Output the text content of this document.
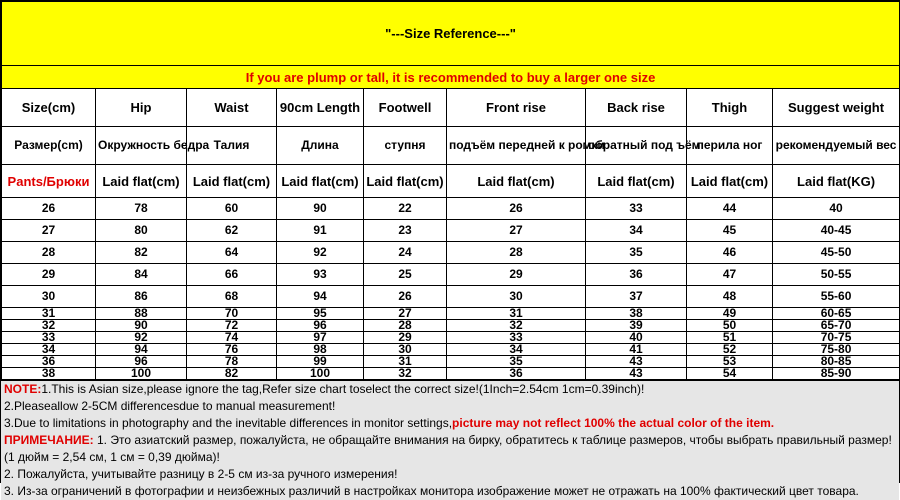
"---Size Reference---"								
If you are plump or tall, it is recommended to buy a larger one size								
Size(cm)	Hip	Waist	90cm Length	Footwell	Front rise	Back rise	Thigh	Suggest weight
Размер(cm)	Окружность бедра	Талия	Длина	ступня	подъём передней к ромки	обратный под ъём	перила ног	рекомендуемый вес
Pants/Брюки	Laid flat(cm)	Laid flat(cm)	Laid flat(cm)	Laid flat(cm)	Laid flat(cm)	Laid flat(cm)	Laid flat(cm)	Laid flat(KG)
26	78	60	90	22	26	33	44	40
27	80	62	91	23	27	34	45	40-45
28	82	64	92	24	28	35	46	45-50
29	84	66	93	25	29	36	47	50-55
30	86	68	94	26	30	37	48	55-60
31	88	70	95	27	31	38	49	60-65
32	90	72	96	28	32	39	50	65-70
33	92	74	97	29	33	40	51	70-75
34	94	76	98	30	34	41	52	75-80
36	96	78	99	31	35	43	53	80-85
38	100	82	100	32	36	43	54	85-90

NOTE:1.This is Asian size,please ignore the tag,Refer size chart toselect the correct size!(1Inch=2.54cm 1cm=0.39inch)!

2.Pleaseallow 2-5CM differencesdue to manual measurement!

3.Due to limitations in photography and the inevitable differences in monitor settings,picture may not reflect 100% the actual color of the item.

ПРИМЕЧАНИЕ: 1. Это азиатский размер, пожалуйста, не обращайте внимания на бирку, обратитесь к таблице размеров, чтобы выбрать правильный размер! (1 дюйм = 2,54 см, 1 см = 0,39 дюйма)!

2. Пожалуйста, учитывайте разницу в 2-5 см из-за ручного измерения!

3. Из-за ограничений в фотографии и неизбежных различий в настройках монитора изображение может не отражать на 100% фактический цвет товара.
